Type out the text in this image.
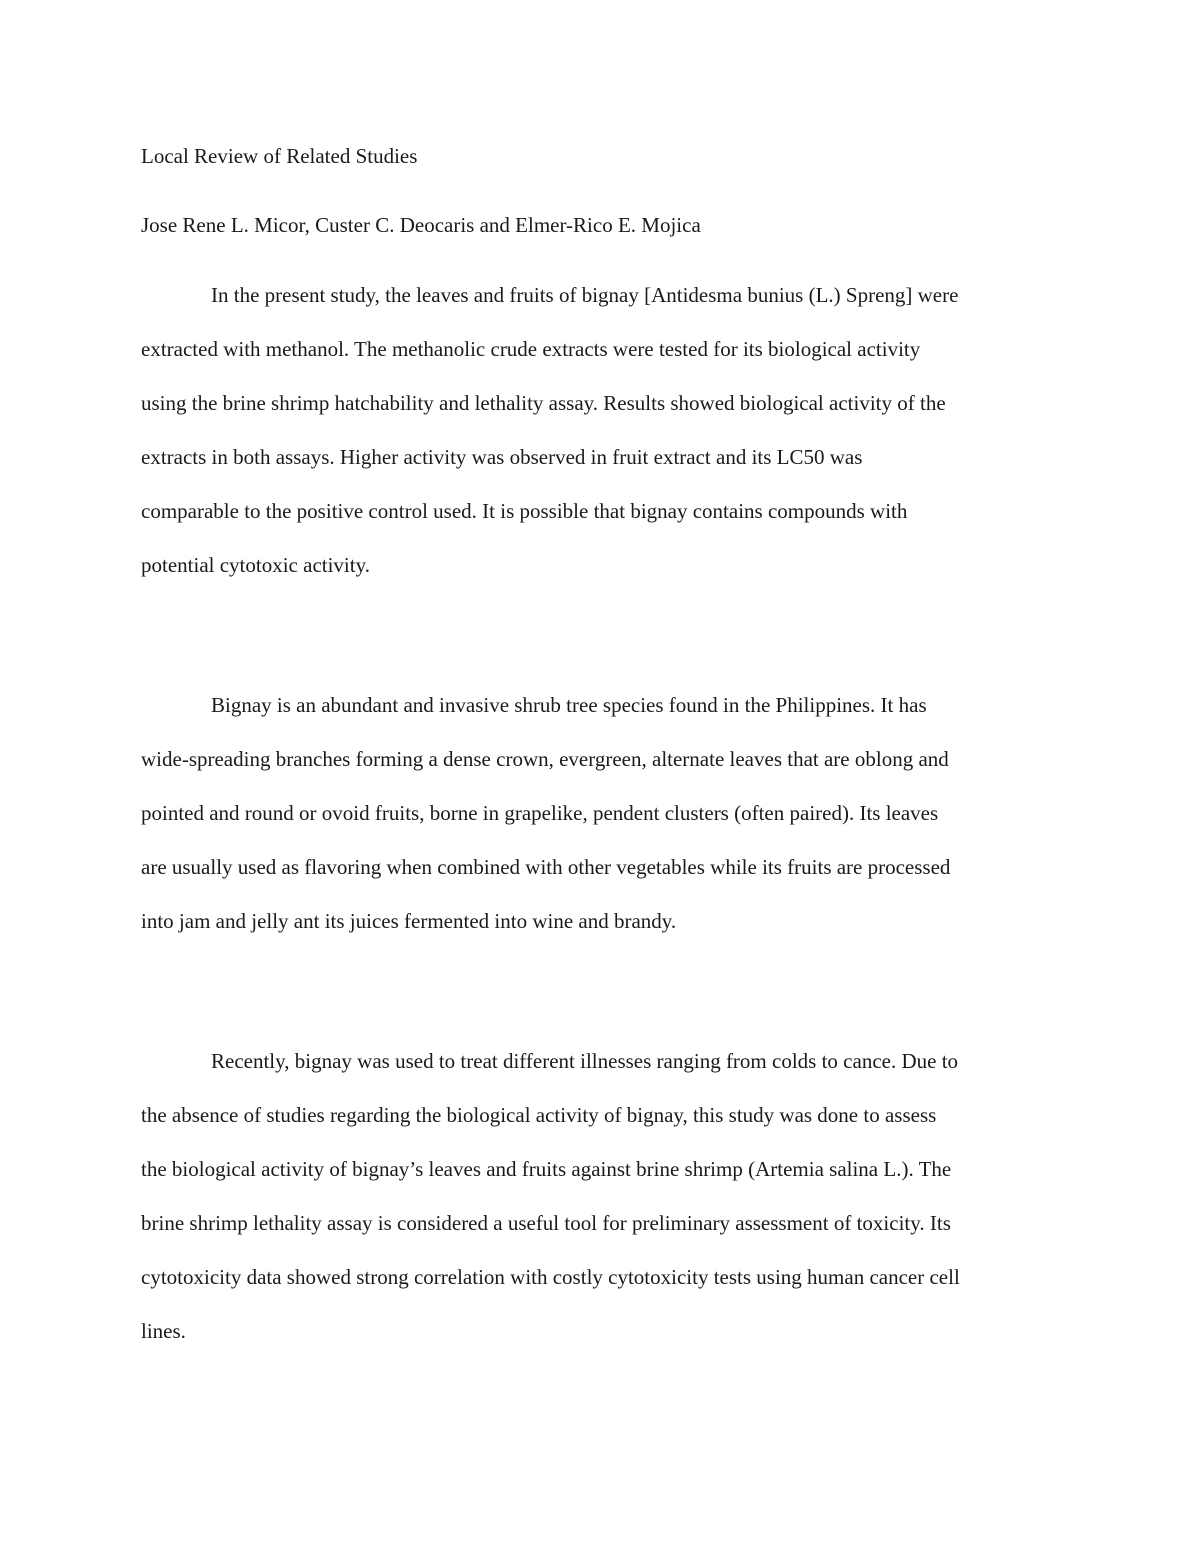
Local Review of Related Studies

Jose Rene L. Micor, Custer C. Deocaris and Elmer-Rico E. Mojica

In the present study, the leaves and fruits of bignay [Antidesma bunius (L.) Spreng] were
extracted with methanol. The methanolic crude extracts were tested for its biological activity
using the brine shrimp hatchability and lethality assay. Results showed biological activity of the
extracts in both assays. Higher activity was observed in fruit extract and its LC50 was
comparable to the positive control used. It is possible that bignay contains compounds with
potential cytotoxic activity.
Bignay is an abundant and invasive shrub tree species found in the Philippines. It has
wide-spreading branches forming a dense crown, evergreen, alternate leaves that are oblong and
pointed and round or ovoid fruits, borne in grapelike, pendent clusters (often paired). Its leaves
are usually used as flavoring when combined with other vegetables while its fruits are processed
into jam and jelly ant its juices fermented into wine and brandy.
Recently, bignay was used to treat different illnesses ranging from colds to cance. Due to
the absence of studies regarding the biological activity of bignay, this study was done to assess
the biological activity of bignay’s leaves and fruits against brine shrimp (Artemia salina L.). The
brine shrimp lethality assay is considered a useful tool for preliminary assessment of toxicity. Its
cytotoxicity data showed strong correlation with costly cytotoxicity tests using human cancer cell
lines.
